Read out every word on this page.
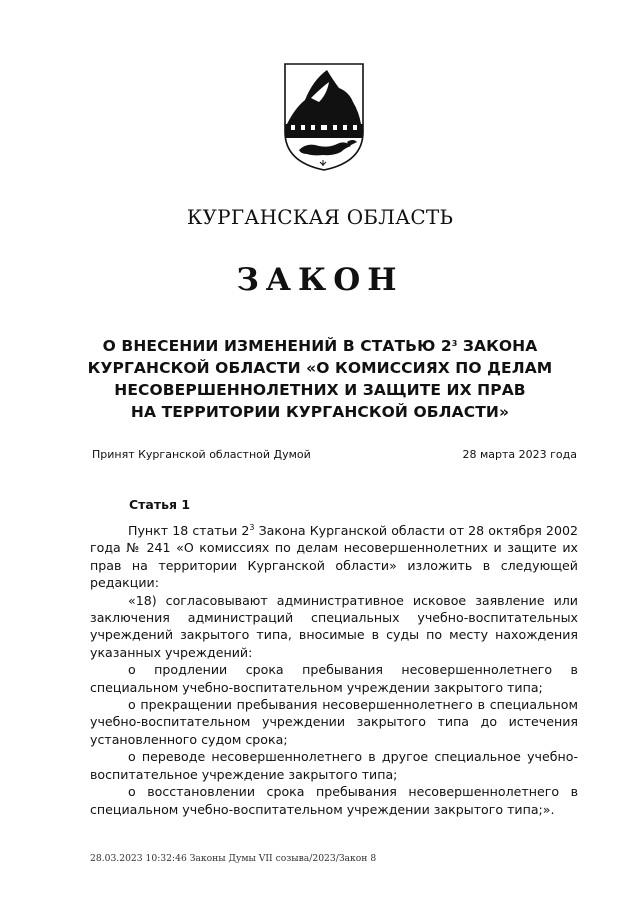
КУРГАНСКАЯ ОБЛАСТЬ
ЗАКОН
О ВНЕСЕНИИ ИЗМЕНЕНИЙ В СТАТЬЮ $2^3$ ЗАКОНА
КУРГАНСКОЙ ОБЛАСТИ «О КОМИССИЯХ ПО ДЕЛАМ
НЕСОВЕРШЕННОЛЕТНИХ И ЗАЩИТЕ ИХ ПРАВ
НА ТЕРРИТОРИИ КУРГАНСКОЙ ОБЛАСТИ»
Принят Курганской областной Думой	28 марта 2023 года
Статья 1

Пункт 18 статьи $2^3$ Закона Курганской области от 28 октября 2002 года № 241 «О комиссиях по делам несовершеннолетних и защите их прав на территории Курганской области» изложить в следующей редакции:

«18) согласовывают административное исковое заявление или заключения администраций специальных учебно-воспитательных учреждений закрытого типа, вносимые в суды по месту нахождения указанных учреждений:

о продлении срока пребывания несовершеннолетнего в специальном учебно-воспитательном учреждении закрытого типа;

о прекращении пребывания несовершеннолетнего в специальном учебно-воспитательном учреждении закрытого типа до истечения установленного судом срока;

о переводе несовершеннолетнего в другое специальное учебно-воспитательное учреждение закрытого типа;

о восстановлении срока пребывания несовершеннолетнего в специальном учебно-воспитательном учреждении закрытого типа;».

28.03.2023 10:32:46 Законы Думы VII созыва/2023/Закон 8
